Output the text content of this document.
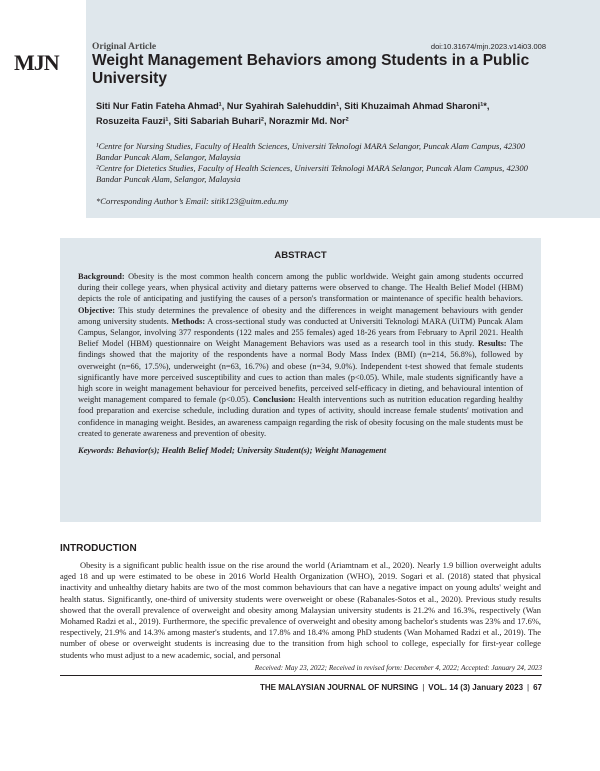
MJN
Original Article	doi:10.31674/mjn.2023.v14i03.008
Weight Management Behaviors among Students in a Public University
Siti Nur Fatin Fateha Ahmad¹, Nur Syahirah Salehuddin¹, Siti Khuzaimah Ahmad Sharoni¹*,
Rosuzeita Fauzi¹, Siti Sabariah Buhari², Norazmir Md. Nor²
¹Centre for Nursing Studies, Faculty of Health Sciences, Universiti Teknologi MARA Selangor, Puncak Alam Campus, 42300 Bandar Puncak Alam, Selangor, Malaysia
²Centre for Dietetics Studies, Faculty of Health Sciences, Universiti Teknologi MARA Selangor, Puncak Alam Campus, 42300 Bandar Puncak Alam, Selangor, Malaysia
*Corresponding Author’s Email: sitik123@uitm.edu.my

ABSTRACT

Background: Obesity is the most common health concern among the public worldwide. Weight gain among students occurred during their college years, when physical activity and dietary patterns were observed to change. The Health Belief Model (HBM) depicts the role of anticipating and justifying the causes of a person's transformation or maintenance of specific health behaviors. Objective: This study determines the prevalence of obesity and the differences in weight management behaviours with gender among university students. Methods: A cross-sectional study was conducted at Universiti Teknologi MARA (UiTM) Puncak Alam Campus, Selangor, involving 377 respondents (122 males and 255 females) aged 18-26 years from February to April 2021. Health Belief Model (HBM) questionnaire on Weight Management Behaviors was used as a research tool in this study. Results: The findings showed that the majority of the respondents have a normal Body Mass Index (BMI) (n=214, 56.8%), followed by overweight (n=66, 17.5%), underweight (n=63, 16.7%) and obese (n=34, 9.0%). Independent t-test showed that female students significantly have more perceived susceptibility and cues to action than males (p<0.05). While, male students significantly have a high score in weight management behaviour for perceived benefits, perceived self-efficacy in dieting, and behavioural intention of weight management compared to female (p<0.05). Conclusion: Health interventions such as nutrition education regarding healthy food preparation and exercise schedule, including duration and types of activity, should increase female students' motivation and confidence in managing weight. Besides, an awareness campaign regarding the risk of obesity focusing on the male students must be created to generate awareness and prevention of obesity.

Keywords: Behavior(s); Health Belief Model; University Student(s); Weight Management

INTRODUCTION

Obesity is a significant public health issue on the rise around the world (Ariamtnam et al., 2020). Nearly 1.9 billion overweight adults aged 18 and up were estimated to be obese in 2016 World Health Organization (WHO), 2019. Sogari et al. (2018) stated that physical inactivity and unhealthy dietary habits are two of the most common behaviours that can have a negative impact on young adults' weight and health status. Significantly, one-third of university students were overweight or obese (Rabanales-Sotos et al., 2020). Previous study results showed that the overall prevalence of overweight and obesity among Malaysian university students is 21.2% and 16.3%, respectively (Wan Mohamed Radzi et al., 2019). Furthermore, the specific prevalence of overweight and obesity among bachelor's students was 23% and 17.6%, respectively, 21.9% and 14.3% among master's students, and 17.8% and 18.4% among PhD students (Wan Mohamed Radzi et al., 2019). The number of obese or overweight students is increasing due to the transition from high school to college, especially for first-year college students who must adjust to a new academic, social, and personal

Received: May 23, 2022; Received in revised form: December 4, 2022; Accepted: January 24, 2023
THE MALAYSIAN JOURNAL OF NURSING | VOL. 14 (3) January 2023 | 67
